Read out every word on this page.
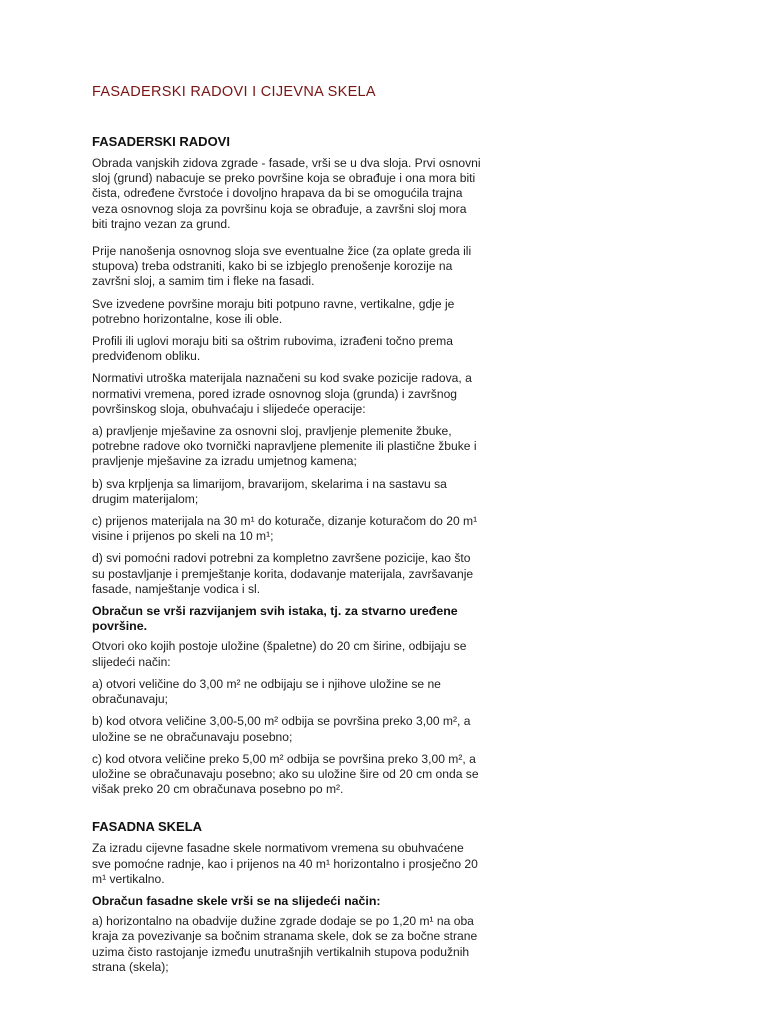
FASADERSKI RADOVI I CIJEVNA SKELA
FASADERSKI RADOVI

Obrada vanjskih zidova zgrade - fasade, vrši se u dva sloja. Prvi osnovni sloj (grund) nabacuje se preko površine koja se obrađuje i ona mora biti čista, određene čvrstoće i dovoljno hrapava da bi se omogućila trajna veza osnovnog sloja za površinu koja se obrađuje, a završni sloj mora biti trajno vezan za grund.

Prije nanošenja osnovnog sloja sve eventualne žice (za oplate greda ili stupova) treba odstraniti, kako bi se izbjeglo prenošenje korozije na završni sloj, a samim tim i fleke na fasadi.

Sve izvedene površine moraju biti potpuno ravne, vertikalne, gdje je potrebno horizontalne, kose ili oble.

Profili ili uglovi moraju biti sa oštrim rubovima, izrađeni točno prema predviđenom obliku.

Normativi utroška materijala naznačeni su kod svake pozicije radova, a normativi vremena, pored izrade osnovnog sloja (grunda) i završnog površinskog sloja, obuhvaćaju i slijedeće operacije:

a) pravljenje mješavine za osnovni sloj, pravljenje plemenite žbuke, potrebne radove oko tvornički napravljene plemenite ili plastične žbuke i pravljenje mješavine za izradu umjetnog kamena;

b) sva krpljenja sa limarijom, bravarijom, skelarima i na sastavu sa drugim materijalom;

c) prijenos materijala na 30 m¹ do koturače, dizanje koturačom do 20 m¹ visine i prijenos po skeli na 10 m¹;

d) svi pomoćni radovi potrebni za kompletno završene pozicije, kao što su postavljanje i premještanje korita, dodavanje materijala, završavanje fasade, namještanje vodica i sl.

Obračun se vrši razvijanjem svih istaka, tj. za stvarno uređene površine.

Otvori oko kojih postoje uložine (špaletne) do 20 cm širine, odbijaju se slijedeći način:

a) otvori veličine do 3,00 m² ne odbijaju se i njihove uložine se ne obračunavaju;

b) kod otvora veličine 3,00-5,00 m² odbija se površina preko 3,00 m², a uložine se ne obračunavaju posebno;

c) kod otvora veličine preko 5,00 m² odbija se površina preko 3,00 m², a uložine se obračunavaju posebno; ako su uložine šire od 20 cm onda se višak preko 20 cm obračunava posebno po m².

FASADNA SKELA

Za izradu cijevne fasadne skele normativom vremena su obuhvaćene sve pomoćne radnje, kao i prijenos na 40 m¹ horizontalno i prosječno 20 m¹ vertikalno.

Obračun fasadne skele vrši se na slijedeći način:

a) horizontalno na obadvije dužine zgrade dodaje se po 1,20 m¹ na oba kraja za povezivanje sa bočnim stranama skele, dok se za bočne strane uzima čisto rastojanje između unutrašnjih vertikalnih stupova podužnih strana (skela);
